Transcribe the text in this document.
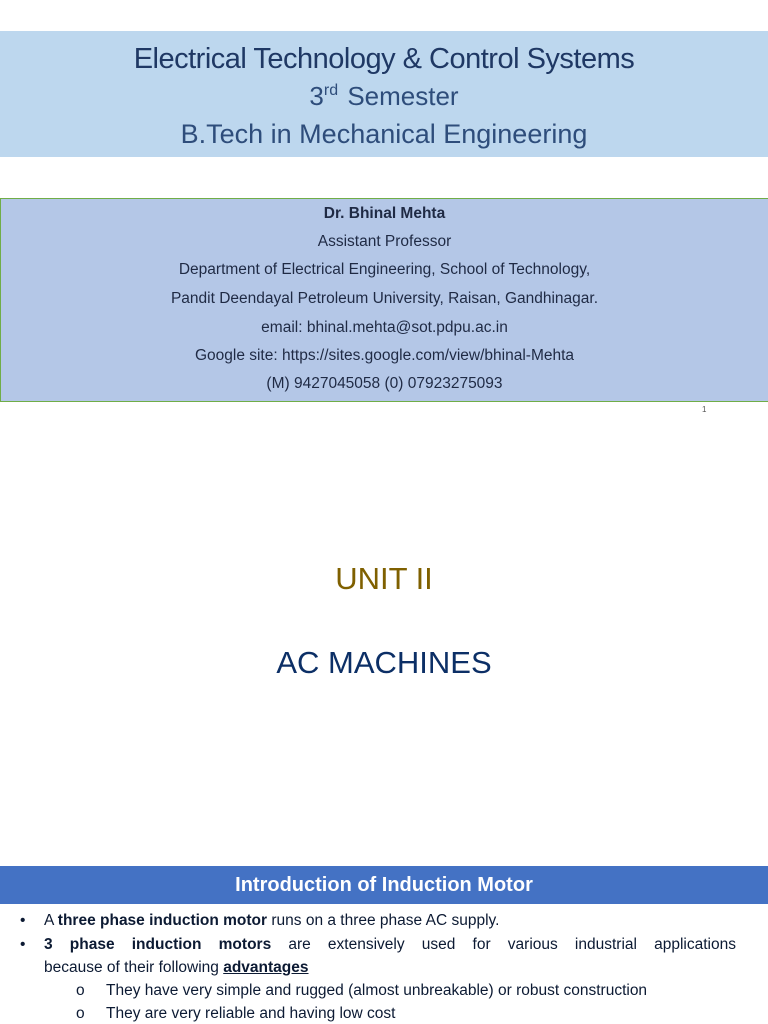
Electrical Technology & Control Systems
3rd Semester
B.Tech in Mechanical Engineering
Dr. Bhinal Mehta
Assistant Professor
Department of Electrical Engineering, School of Technology,
Pandit Deendayal Petroleum University, Raisan, Gandhinagar.
email: bhinal.mehta@sot.pdpu.ac.in
Google site: https://sites.google.com/view/bhinal-Mehta
(M) 9427045058 (0) 07923275093
1
UNIT II
AC MACHINES
Introduction of Induction Motor
• A three phase induction motor runs on a three phase AC supply.
• 3 phase induction motors are extensively used for various industrial applications
because of their following advantages
o They have very simple and rugged (almost unbreakable) or robust construction
o They are very reliable and having low cost
